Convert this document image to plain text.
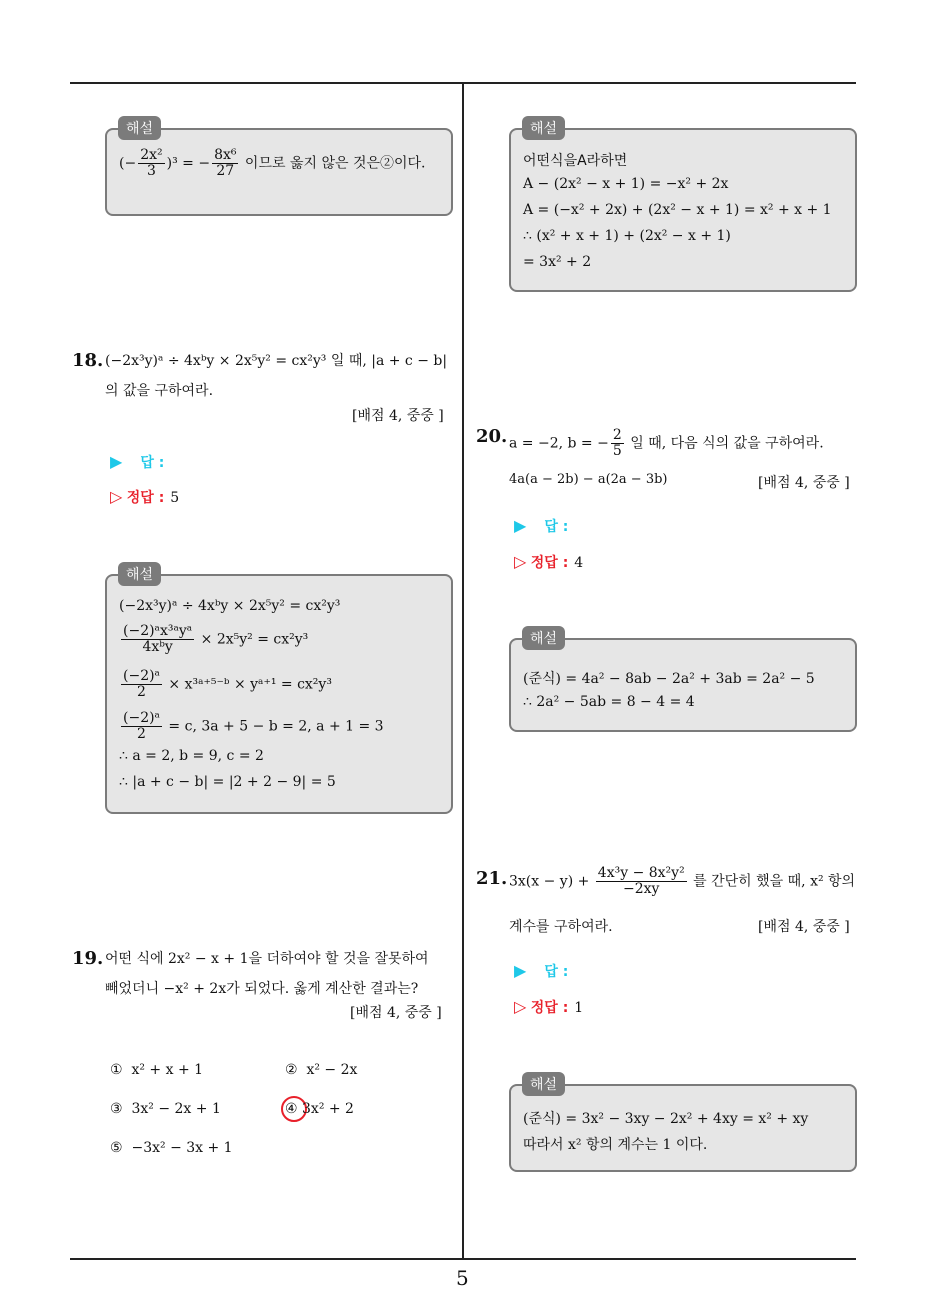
(− $\frac{\text{2x²}}{3} )^3$ = − $\frac{\text{8x⁶}}{27}$ 이므로 옳지 않은 것은②이다.
해설
18. (−2x³y)ᵃ ÷ 4xᵇy × 2x⁵y² = cx²y³ 일 때, |a + c − b|
의 값을 구하여라.
[배점 4, 중중 ]
▶ 답 :
▷ 정답 : 5
(−2x³y)ᵃ ÷ 4xᵇy × 2x⁵y² = cx²y³
$\frac{\text{(−2)ᵃx³ᵃyᵃ}}{\text{4xᵇy}} \times 2x^5y^2 = cx^2y^3$
$\frac{\text{(−2)ᵃ}}{2}$ × x³ᵃ⁺⁵⁻ᵇ × yᵃ⁺¹ = cx²y³
$\frac{\text{(−2)ᵃ}}{2} = c$, 3a + 5 − b = 2, a + 1 = 3
∴ a = 2, b = 9, c = 2
∴ |a + c − b| = |2 + 2 − 9| = 5
해설
19. 어떤 식에 2x² − x + 1을 더하여야 할 것을 잘못하여
빼었더니 −x² + 2x가 되었다. 옳게 계산한 결과는?
[배점 4, 중중 ]
① x² + x + 1	② x² − 2x
③ 3x² − 2x + 1	④ 3x² + 2
⑤ −3x² − 3x + 1
어떤식을A라하면
A − (2x² − x + 1) = −x² + 2x
A = (−x² + 2x) + (2x² − x + 1) = x² + x + 1
∴ (x² + x + 1) + (2x² − x + 1)
= 3x² + 2
해설
20. a = −2, b = − $\frac{2}{5}$ 일 때, 다음 식의 값을 구하여라.
4a(a − 2b) − a(2a − 3b)	[배점 4, 중중 ]
▶ 답 :
▷ 정답 : 4
(준식) = 4a² − 8ab − 2a² + 3ab = 2a² − 5
∴ 2a² − 5ab = 8 − 4 = 4
해설
21. $3x(x - y) + \frac{\text{4x³y − 8x²y²}}{-2xy}$ 를 간단히 했을 때, x² 항의
계수를 구하여라.	[배점 4, 중중 ]
▶ 답 :
▷ 정답 : 1
(준식) = 3x² − 3xy − 2x² + 4xy = x² + xy
따라서 x² 항의 계수는 1 이다.
해설
5
